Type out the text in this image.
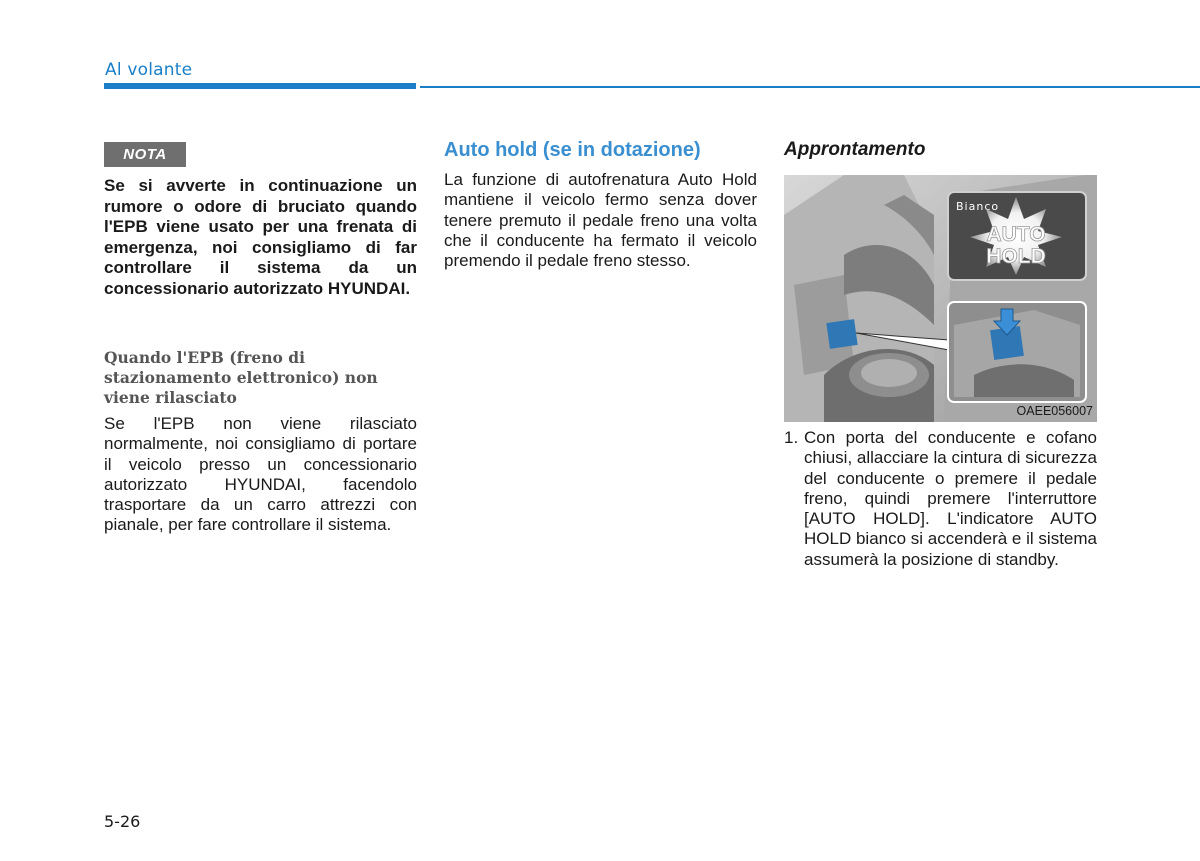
Al volante
NOTA
Se si avverte in continuazione un rumore o odore di bruciato quando l'EPB viene usato per una frenata di emergenza, noi consigliamo di far controllare il sistema da un concessionario autorizzato HYUNDAI.
Quando l'EPB (freno di stazionamento elettronico) non viene rilasciato
Se l'EPB non viene rilasciato normalmente, noi consigliamo di portare il veicolo presso un concessionario autorizzato HYUNDAI, facendolo trasportare da un carro attrezzi con pianale, per fare controllare il sistema.
Auto hold (se in dotazione)
La funzione di autofrenatura Auto Hold mantiene il veicolo fermo senza dover tenere premuto il pedale freno una volta che il conducente ha fermato il veicolo premendo il pedale freno stesso.
Approntamento
Bianco
AUTO
HOLD
OAEE056007
1. Con porta del conducente e cofano chiusi, allacciare la cintura di sicurezza del conducente o premere il pedale freno, quindi premere l'interruttore [AUTO HOLD]. L'indicatore AUTO HOLD bianco si accenderà e il sistema assumerà la posizione di standby.
5-26
